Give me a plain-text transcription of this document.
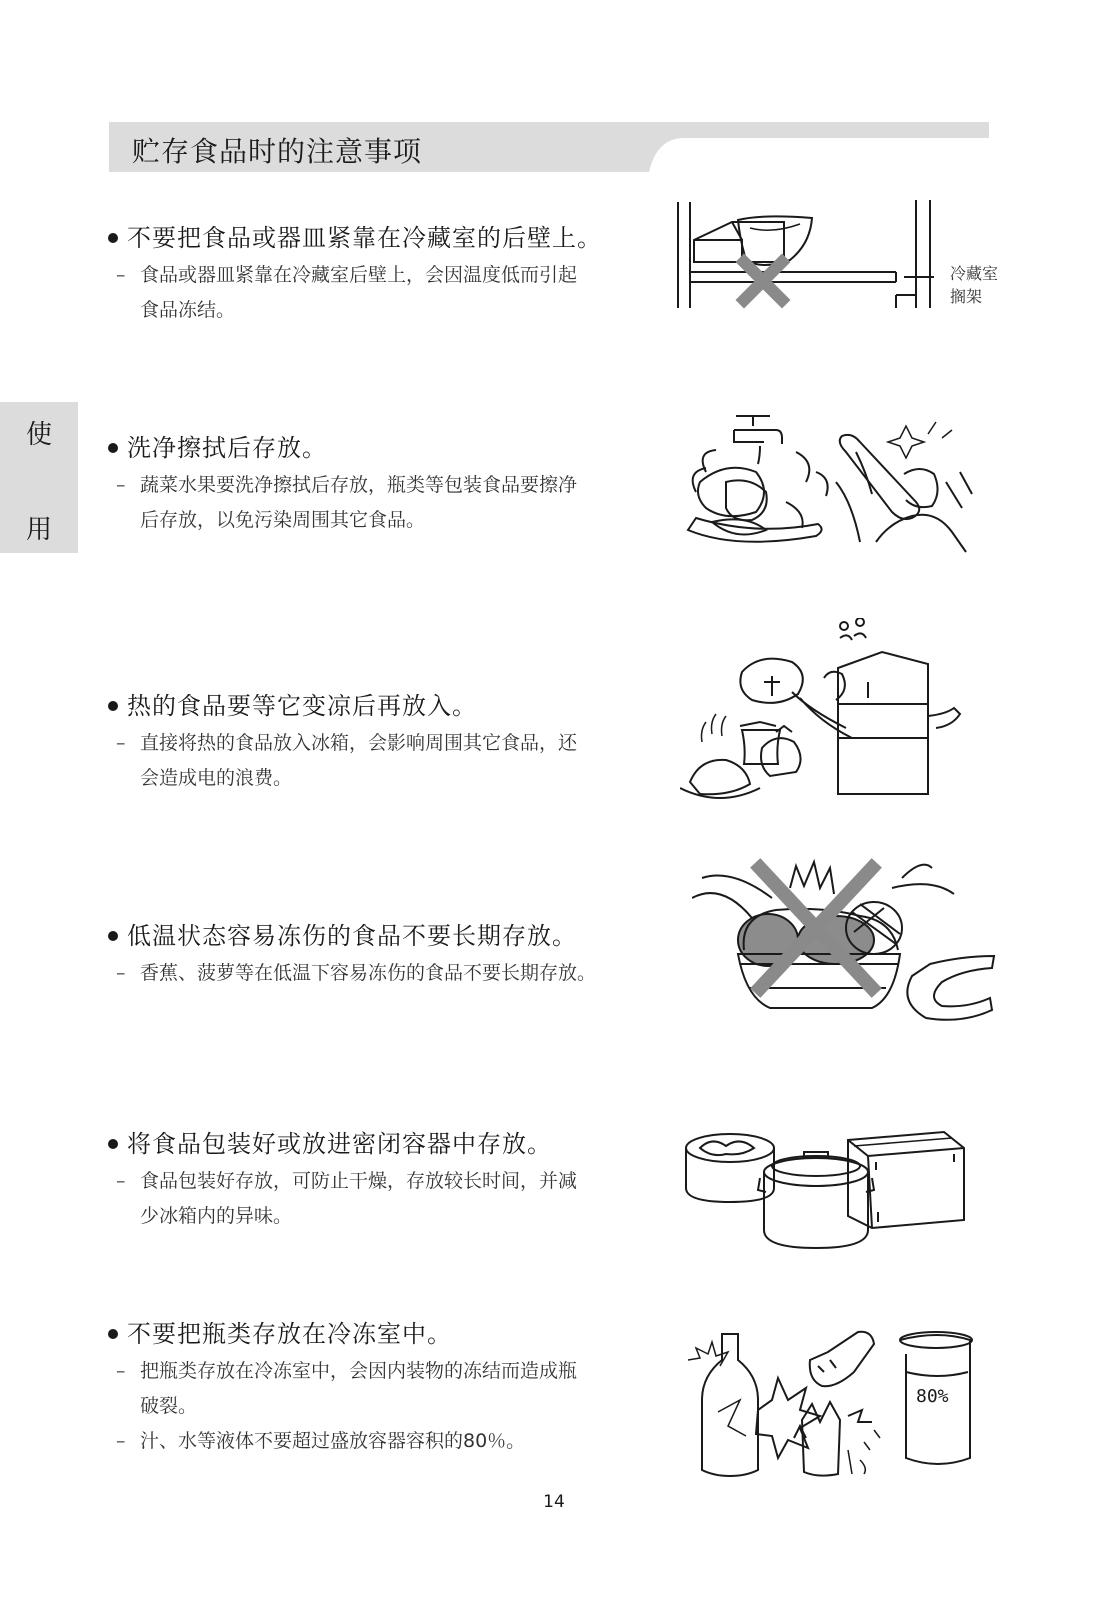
贮存食品时的注意事项
使
用
不要把食品或器皿紧靠在冷藏室的后壁上。
– 食品或器皿紧靠在冷藏室后壁上，会因温度低而引起
食品冻结。
冷藏室
搁架
洗净擦拭后存放。
– 蔬菜水果要洗净擦拭后存放，瓶类等包装食品要擦净
后存放，以免污染周围其它食品。
热的食品要等它变凉后再放入。
– 直接将热的食品放入冰箱，会影响周围其它食品，还
会造成电的浪费。
低温状态容易冻伤的食品不要长期存放。
– 香蕉、菠萝等在低温下容易冻伤的食品不要长期存放。
将食品包装好或放进密闭容器中存放。
– 食品包装好存放，可防止干燥，存放较长时间，并减
少冰箱内的异味。
不要把瓶类存放在冷冻室中。
– 把瓶类存放在冷冻室中，会因内装物的冻结而造成瓶
破裂。
– 汁、水等液体不要超过盛放容器容积的80％。
80%
14
